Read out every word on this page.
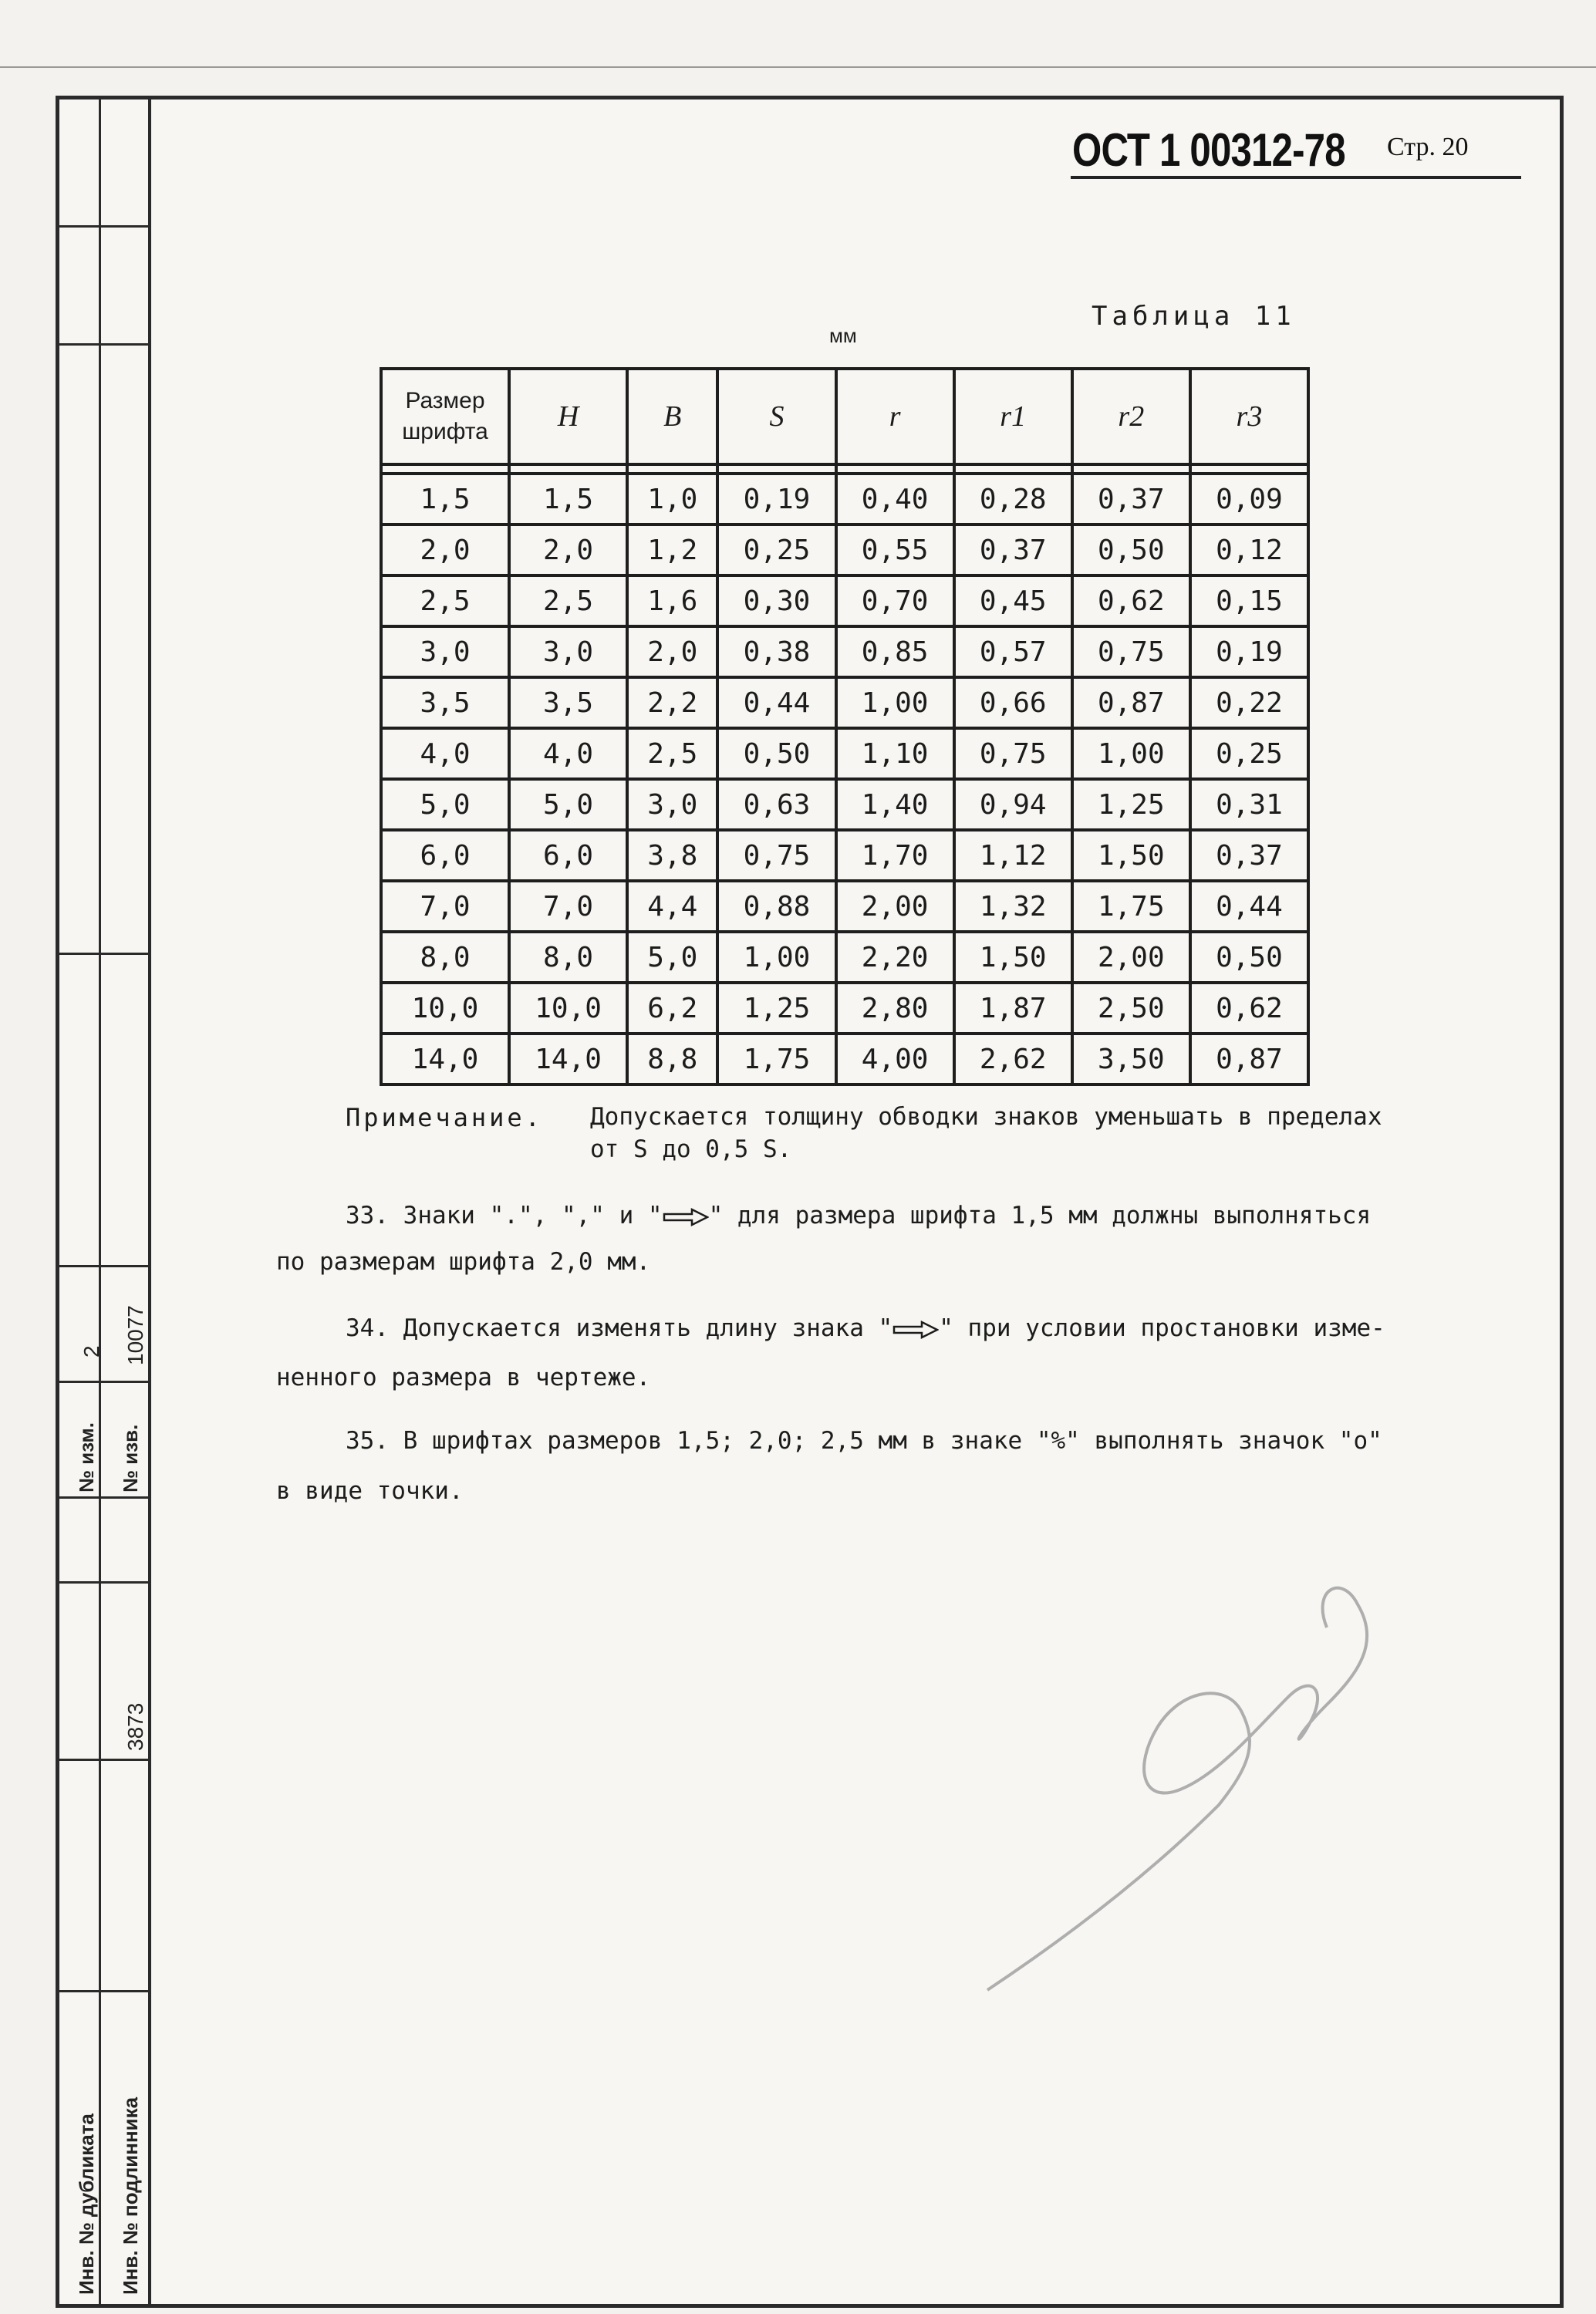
2 10077
№ изм. № изв.
3873
Инв. № дубликата Инв. № подлинника
ОСТ 1 00312-78 Стр. 20
Таблица 11
мм
Размер
шрифта	H	B	S	r	r1	r2	r3

1,5	1,5	1,0	0,19	0,40	0,28	0,37	0,09
2,0	2,0	1,2	0,25	0,55	0,37	0,50	0,12
2,5	2,5	1,6	0,30	0,70	0,45	0,62	0,15
3,0	3,0	2,0	0,38	0,85	0,57	0,75	0,19
3,5	3,5	2,2	0,44	1,00	0,66	0,87	0,22
4,0	4,0	2,5	0,50	1,10	0,75	1,00	0,25
5,0	5,0	3,0	0,63	1,40	0,94	1,25	0,31
6,0	6,0	3,8	0,75	1,70	1,12	1,50	0,37
7,0	7,0	4,4	0,88	2,00	1,32	1,75	0,44
8,0	8,0	5,0	1,00	2,20	1,50	2,00	0,50
10,0	10,0	6,2	1,25	2,80	1,87	2,50	0,62
14,0	14,0	8,8	1,75	4,00	2,62	3,50	0,87
Примечание. Допускается толщину обводки знаков уменьшать в пределах
от S до 0,5 S.
33. Знаки ".", "," и " " для размера шрифта 1,5 мм должны выполняться
по размерам шрифта 2,0 мм.
34. Допускается изменять длину знака " " при условии простановки изме-
ненного размера в чертеже.
35. В шрифтах размеров 1,5; 2,0; 2,5 мм в знаке "%" выполнять значок "о"
в виде точки.
